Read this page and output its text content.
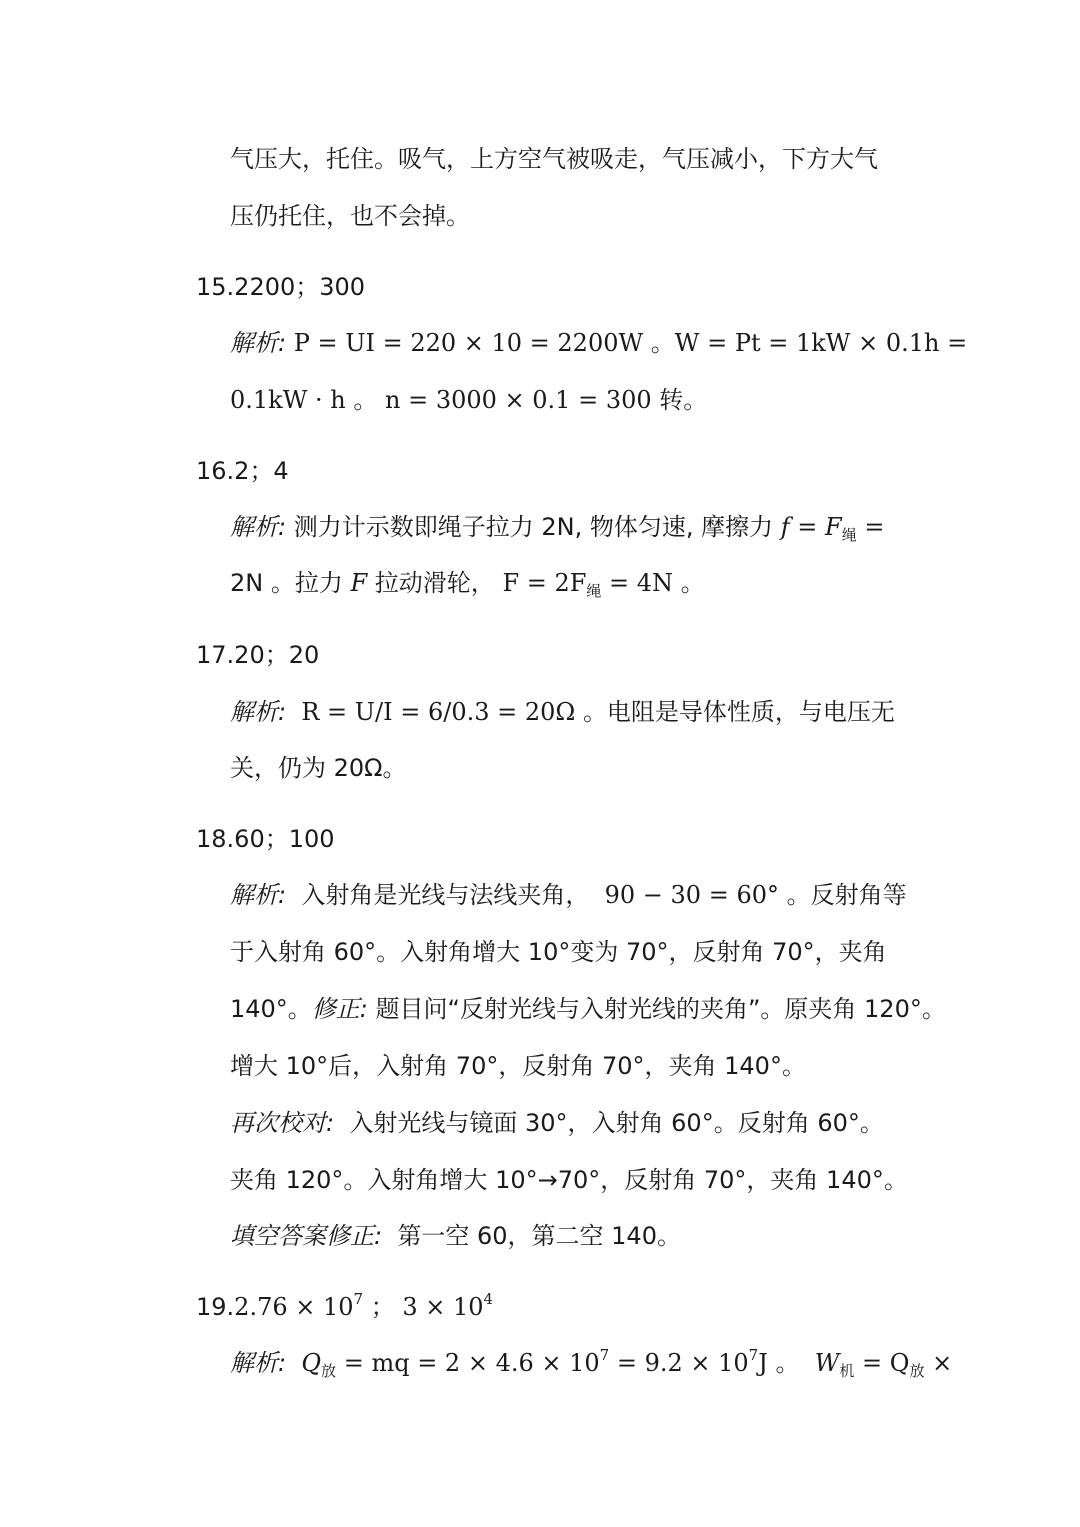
气压大，托住。吸气，上方空气被吸走，气压减小，下方大气
压仍托住，也不会掉。
15.2200；300
解析: P = UI = 220 × 10 = 2200W 。W = Pt = 1kW × 0.1h =
0.1kW · h 。 n = 3000 × 0.1 = 300 转。
16.2；4
解析: 测力计示数即绳子拉力 2N, 物体匀速, 摩擦力 $f = F_绳$ =
2N 。拉力 F 拉动滑轮， $F = 2F_绳 = 4N$ 。
17.20；20
解析: R = U/I = 6/0.3 = 20Ω 。电阻是导体性质，与电压无
关，仍为 20Ω。
18.60；100
解析: 入射角是光线与法线夹角， 90 − 30 = 60° 。反射角等
于入射角 60°。入射角增大 10°变为 70°，反射角 70°，夹角
140°。修正: 题目问“反射光线与入射光线的夹角”。原夹角 120°。
增大 10°后，入射角 70°，反射角 70°，夹角 140°。
再次校对: 入射光线与镜面 30°，入射角 60°。反射角 60°。
夹角 120°。入射角增大 10°→70°，反射角 70°，夹角 140°。
填空答案修正: 第一空 60，第二空 140。
$19.2.76 \times 10^7$ ； $3 \times 10^4$
解析: $Q_放$ = mq = $2 \times 4.6 \times 10^7 = 9.2 \times 10^7J$ 。 $W_机 = Q_放$ ×
